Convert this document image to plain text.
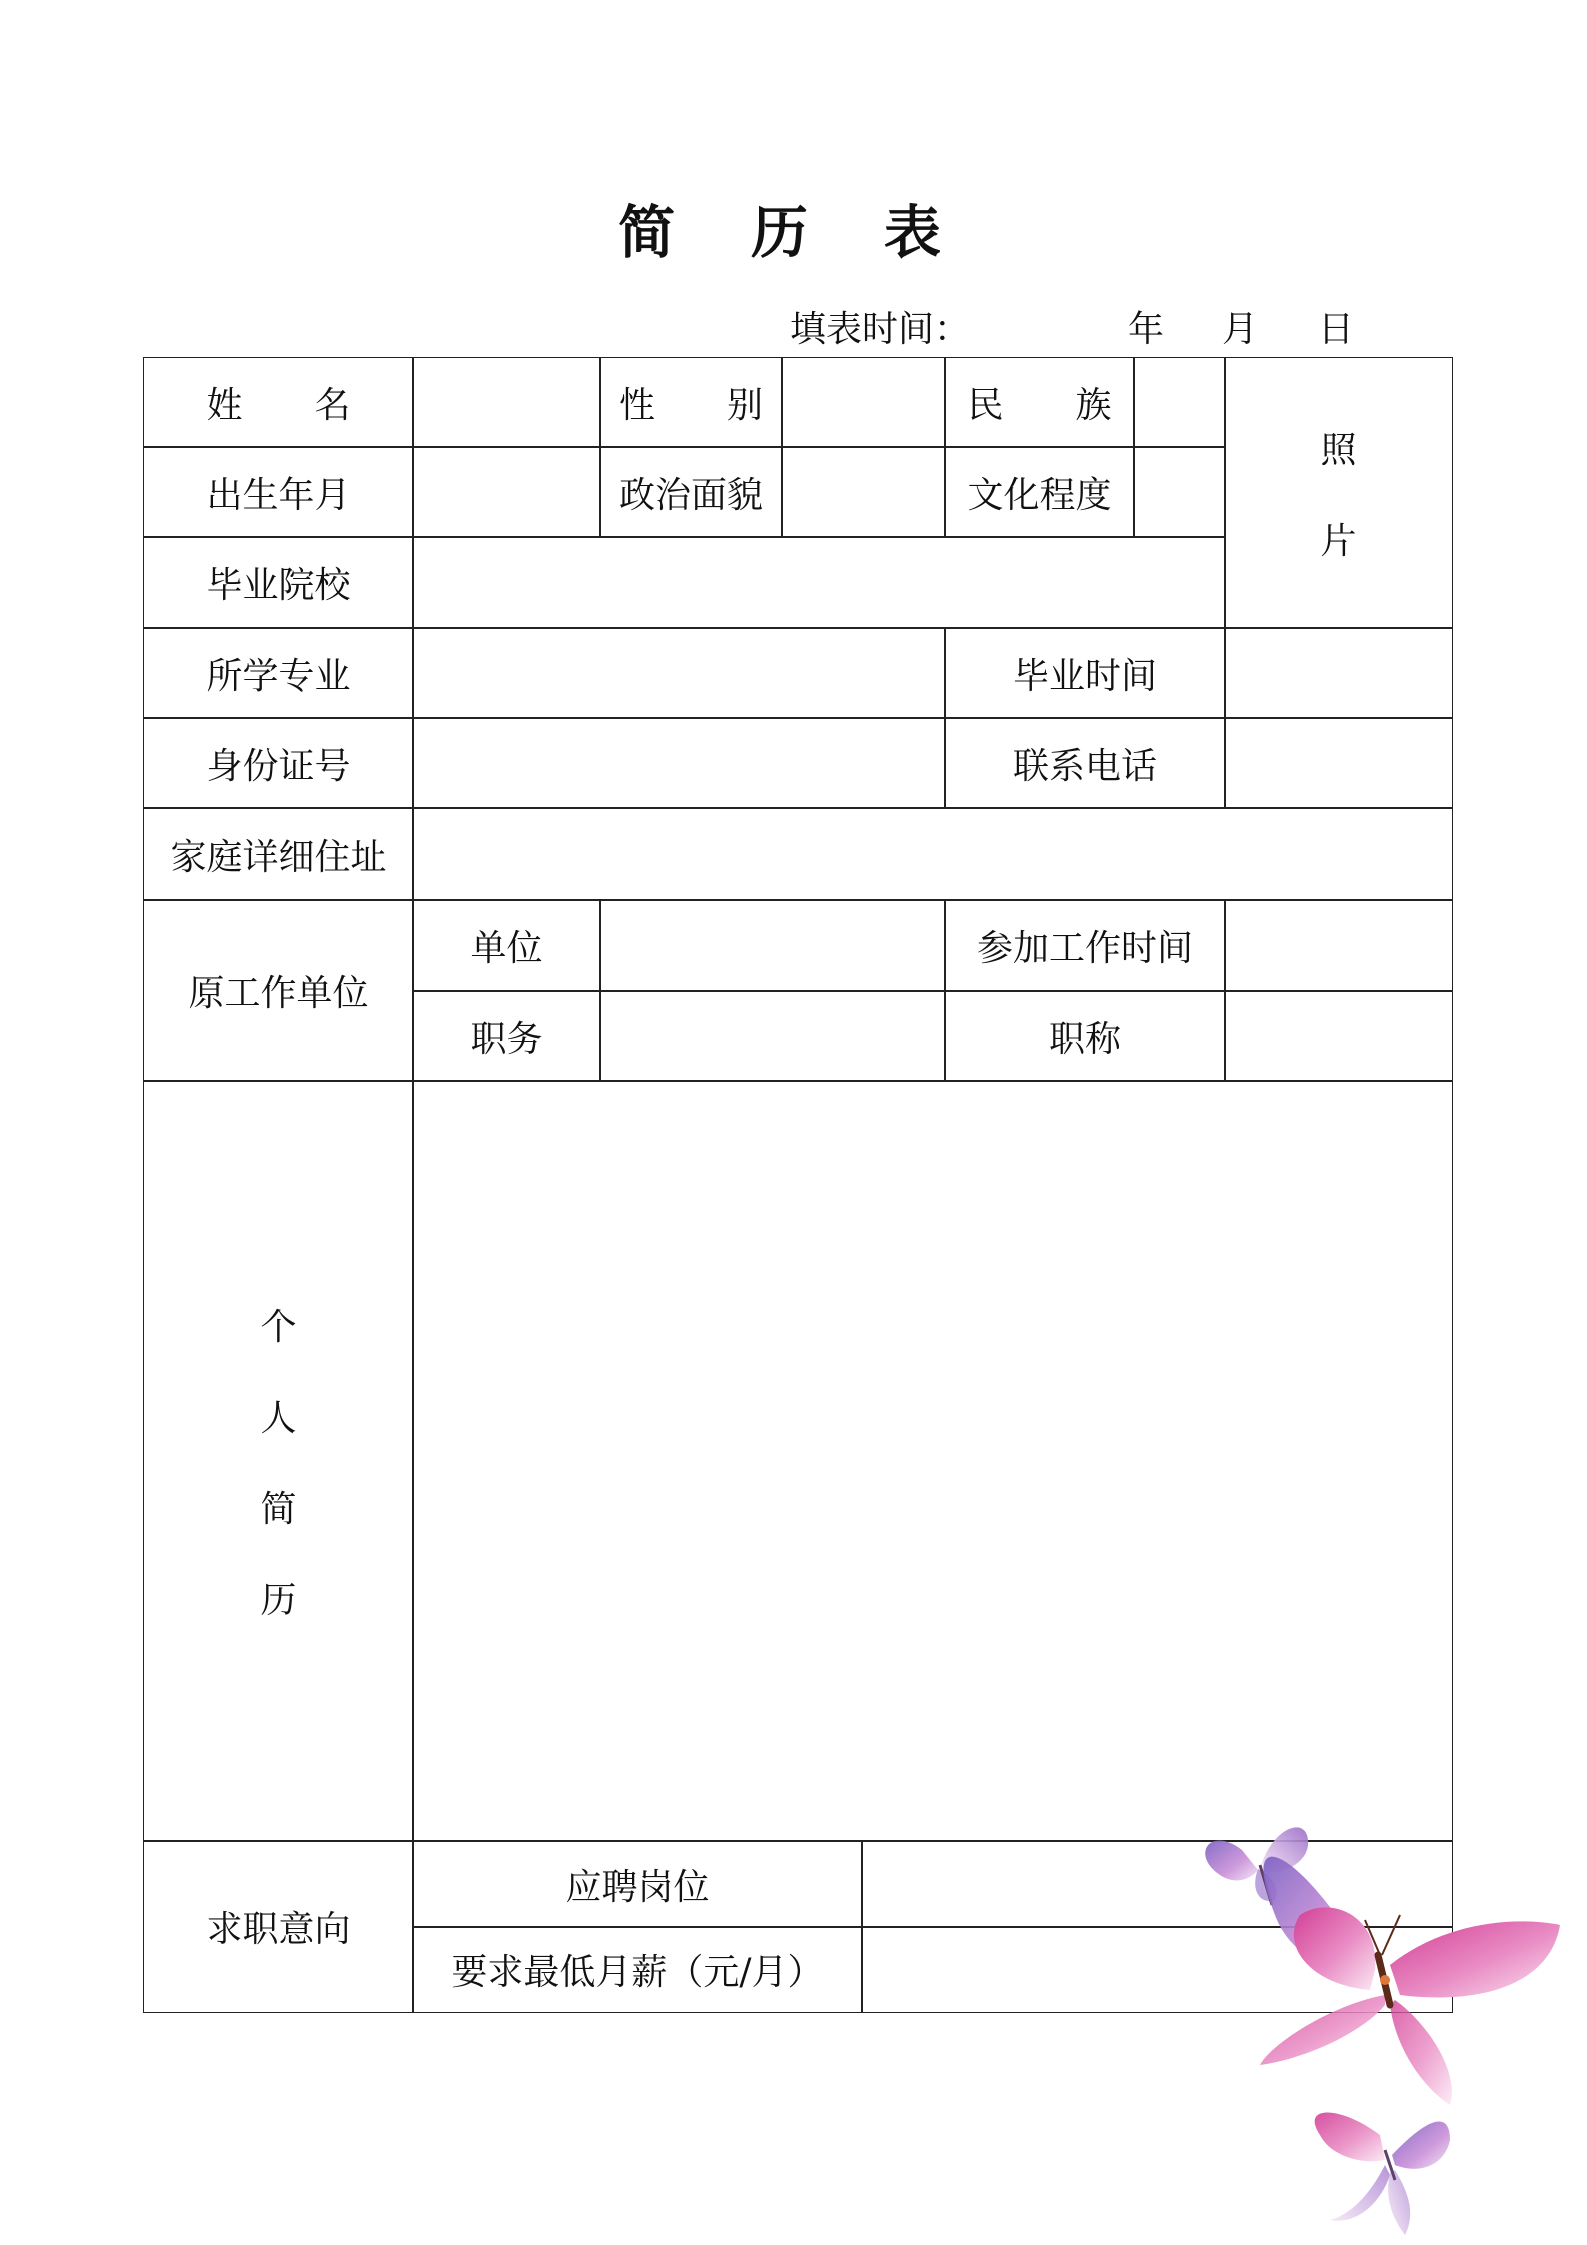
简 历 表
填表时间：	年 月 日
姓　　名	性　　别	民　　族
照
片
出生年月	政治面貌	文化程度
毕业院校
所学专业	毕业时间
身份证号	联系电话
家庭详细住址
原工作单位
单位	参加工作时间
职务	职称
个
人
简
历
求职意向
应聘岗位
要求最低月薪（元/月）
